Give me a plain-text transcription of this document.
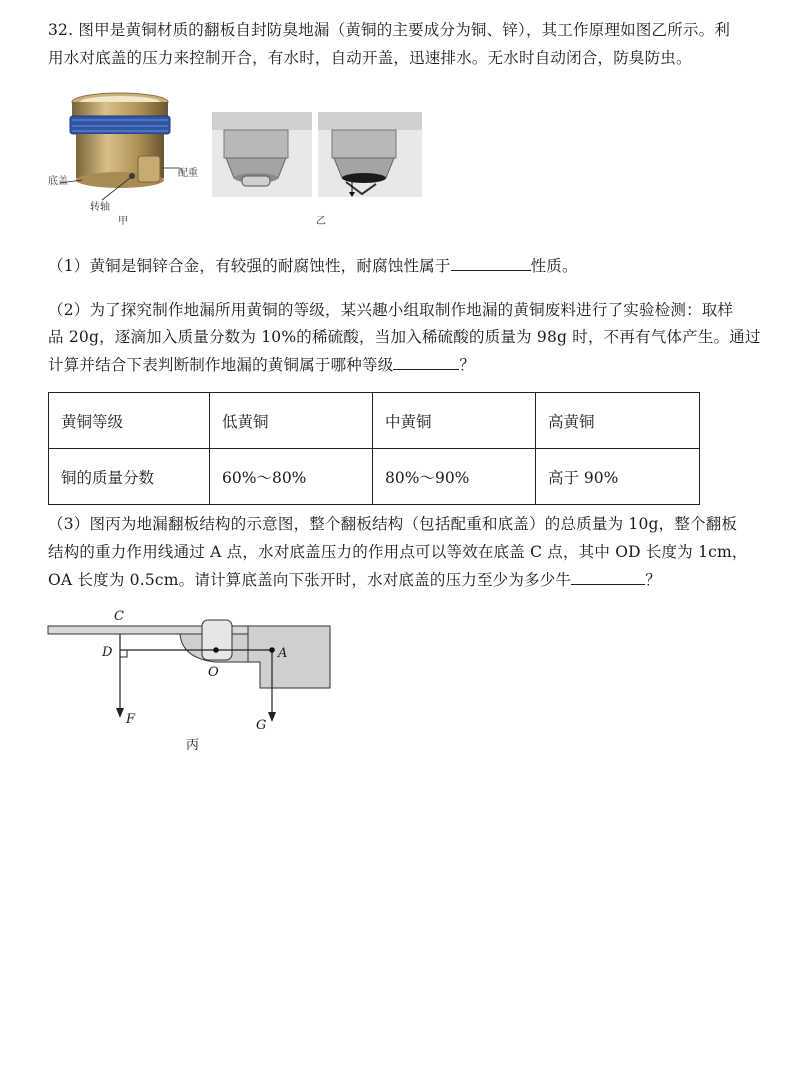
32. 图甲是黄铜材质的翻板自封防臭地漏（黄铜的主要成分为铜、锌），其工作原理如图乙所示。利
用水对底盖的压力来控制开合，有水时，自动开盖，迅速排水。无水时自动闭合，防臭防虫。
底盖
配重
转轴
甲	乙
（1）黄铜是铜锌合金，有较强的耐腐蚀性，耐腐蚀性属于	性质。
（2）为了探究制作地漏所用黄铜的等级，某兴趣小组取制作地漏的黄铜废料进行了实验检测：取样
品 20g，逐滴加入质量分数为 10%的稀硫酸，当加入稀硫酸的质量为 98g 时，不再有气体产生。通过
计算并结合下表判断制作地漏的黄铜属于哪种等级	？
黄铜等级	低黄铜	中黄铜	高黄铜
铜的质量分数	60%～80%	80%～90%	高于 90%
（3）图丙为地漏翻板结构的示意图，整个翻板结构（包括配重和底盖）的总质量为 10g，整个翻板
结构的重力作用线通过 A 点，水对底盖压力的作用点可以等效在底盖 C 点，其中 OD 长度为 1cm，
OA 长度为 0.5cm。请计算底盖向下张开时，水对底盖的压力至少为多少牛	？
C
D
O
A
F	G
丙
